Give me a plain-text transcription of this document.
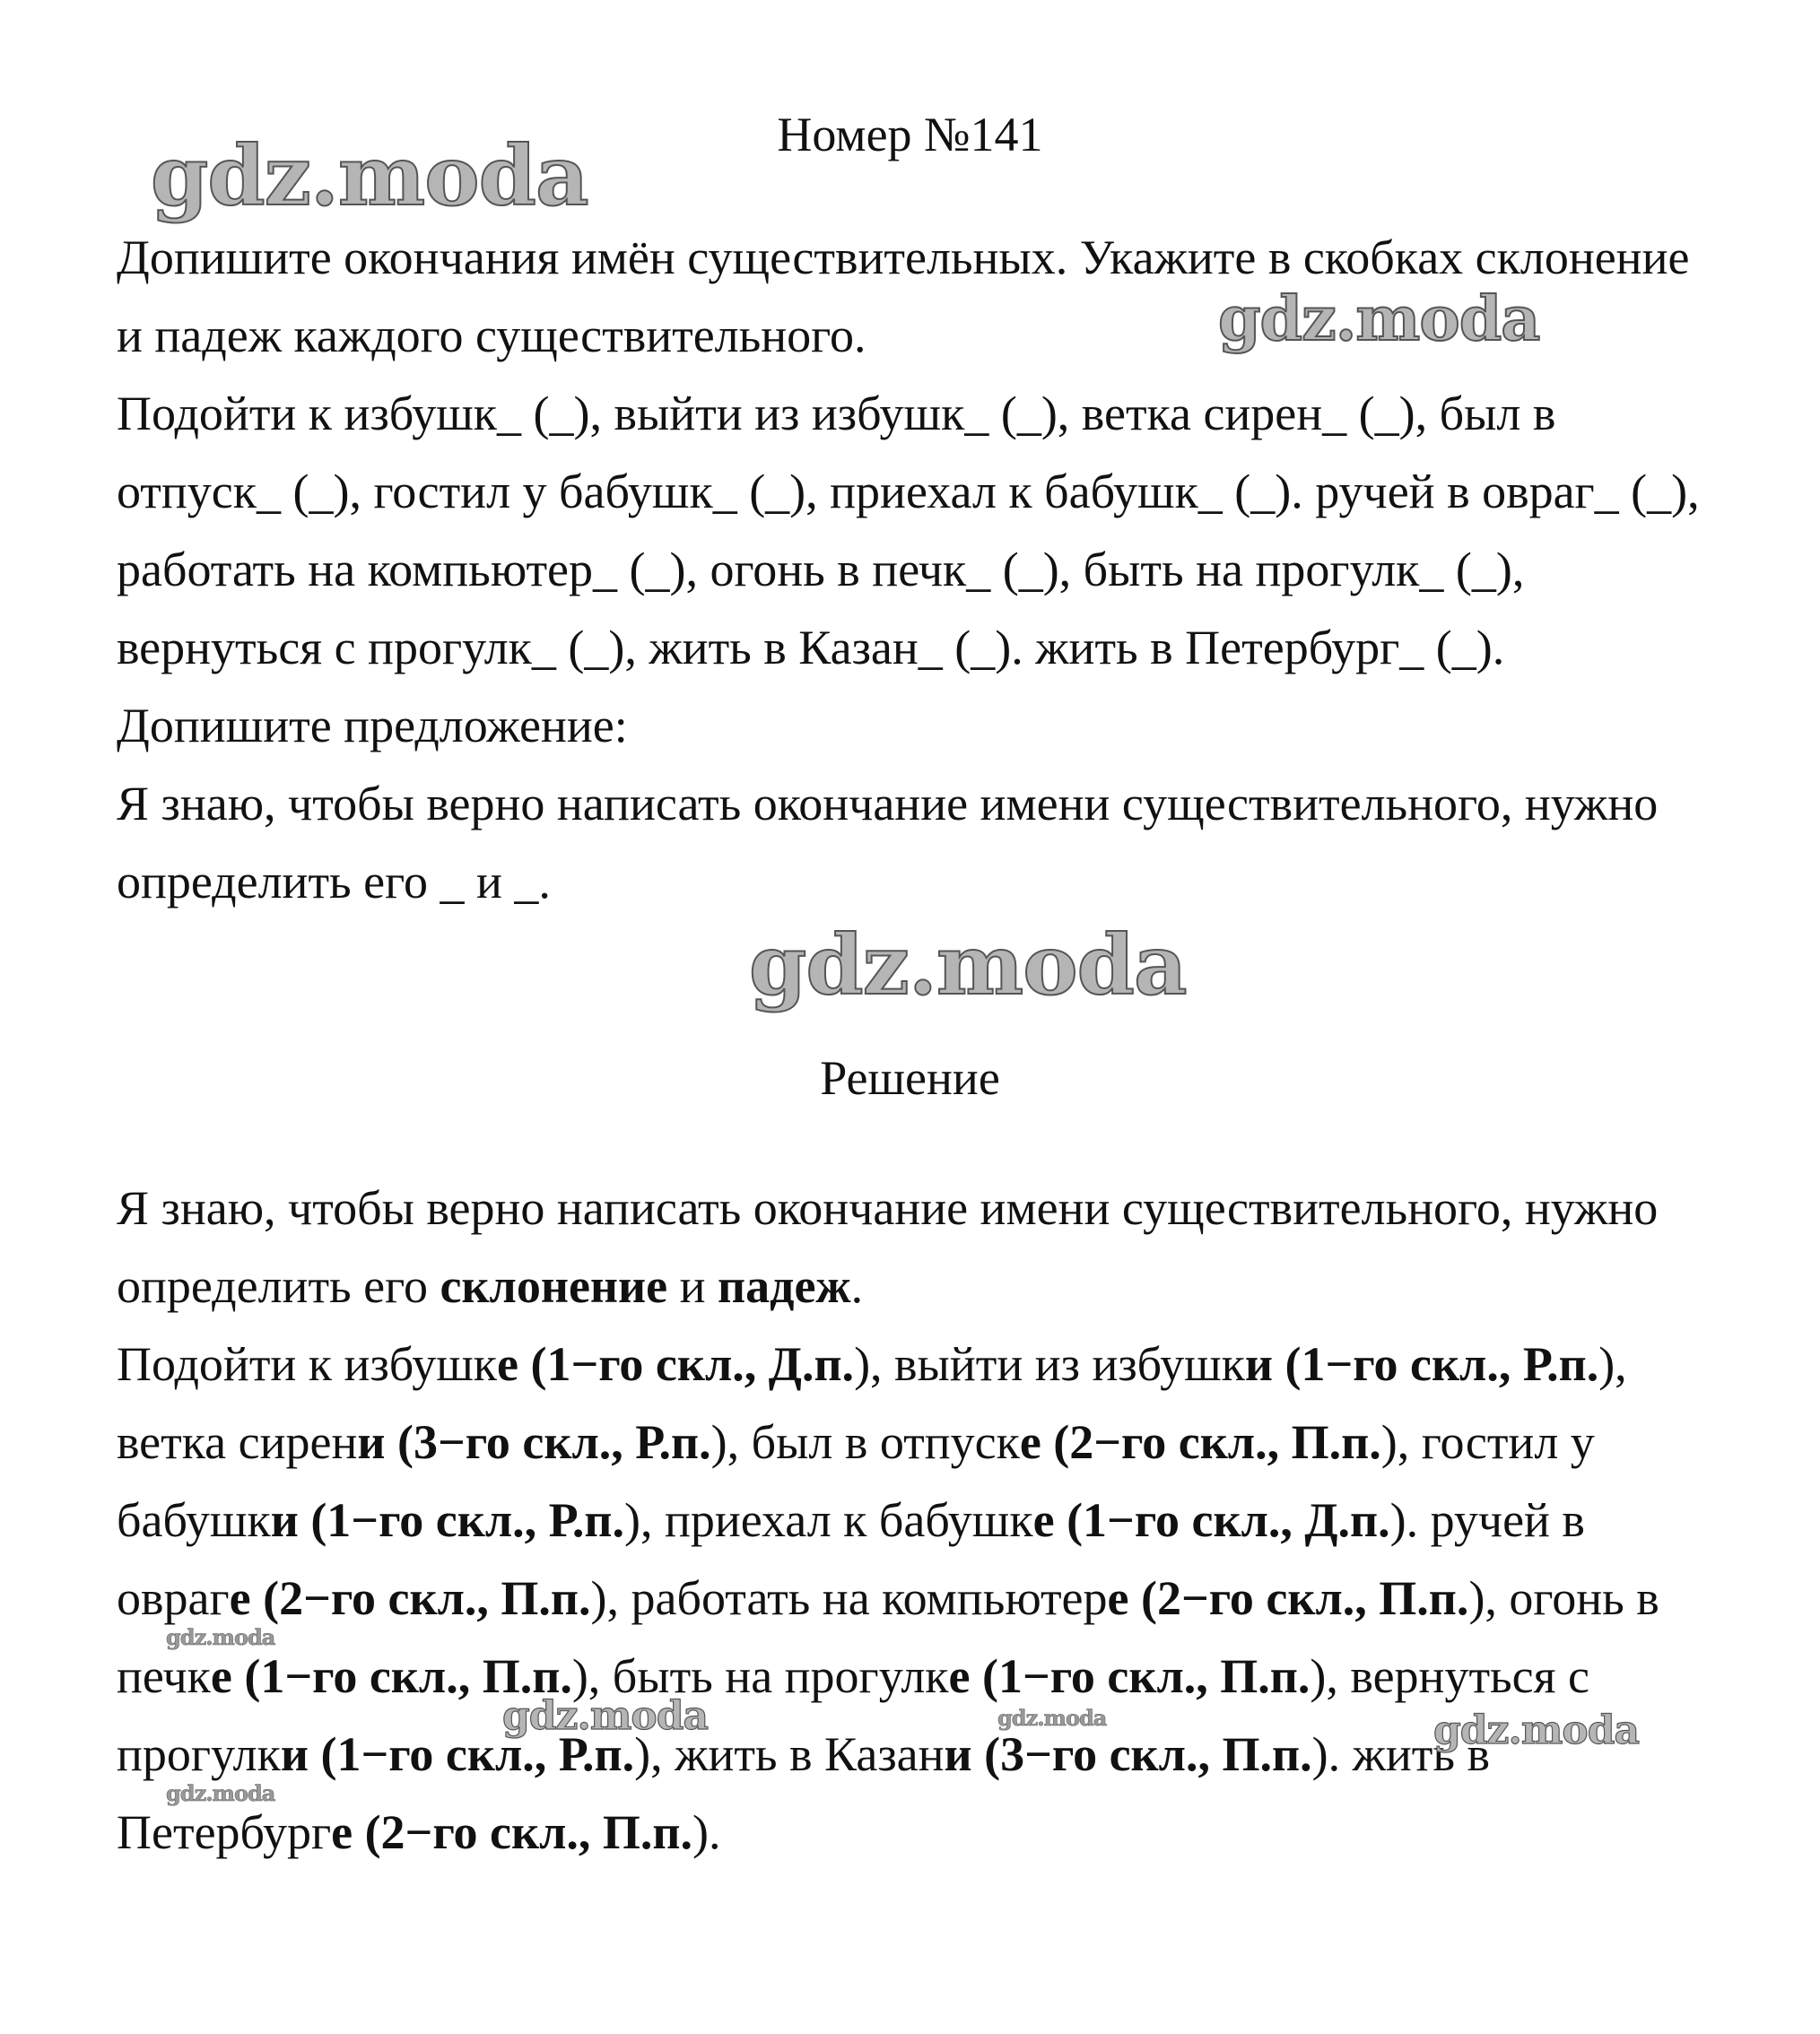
Номер №141

Допишите окончания имён существительных. Укажите в скобках склонение и падеж каждого существительного.

Подойти к избушк_ (_), выйти из избушк_ (_), ветка сирен_ (_), был в отпуск_ (_), гостил у бабушк_ (_), приехал к бабушк_ (_). ручей в овраг_ (_), работать на компьютер_ (_), огонь в печк_ (_), быть на прогулк_ (_), вернуться с прогулк_ (_), жить в Казан_ (_). жить в Петербург_ (_).

Допишите предложение:

Я знаю, чтобы верно написать окончание имени существительного, нужно определить его _ и _.

Решение

Я знаю, чтобы верно написать окончание имени существительного, нужно определить его склонение и падеж.

Подойти к избушке (1−го скл., Д.п.), выйти из избушки (1−го скл., Р.п.), ветка сирени (3−го скл., Р.п.), был в отпуске (2−го скл., П.п.), гостил у бабушки (1−го скл., Р.п.), приехал к бабушке (1−го скл., Д.п.). ручей в овраге (2−го скл., П.п.), работать на компьютере (2−го скл., П.п.), огонь в печке (1−го скл., П.п.), быть на прогулке (1−го скл., П.п.), вернуться с прогулки (1−го скл., Р.п.), жить в Казани (3−го скл., П.п.). жить в Петербурге (2−го скл., П.п.).

gdz.moda
gdz.moda
gdz.moda
gdz.moda	gdz.moda
gdz.moda
gdz.moda
gdz.moda
